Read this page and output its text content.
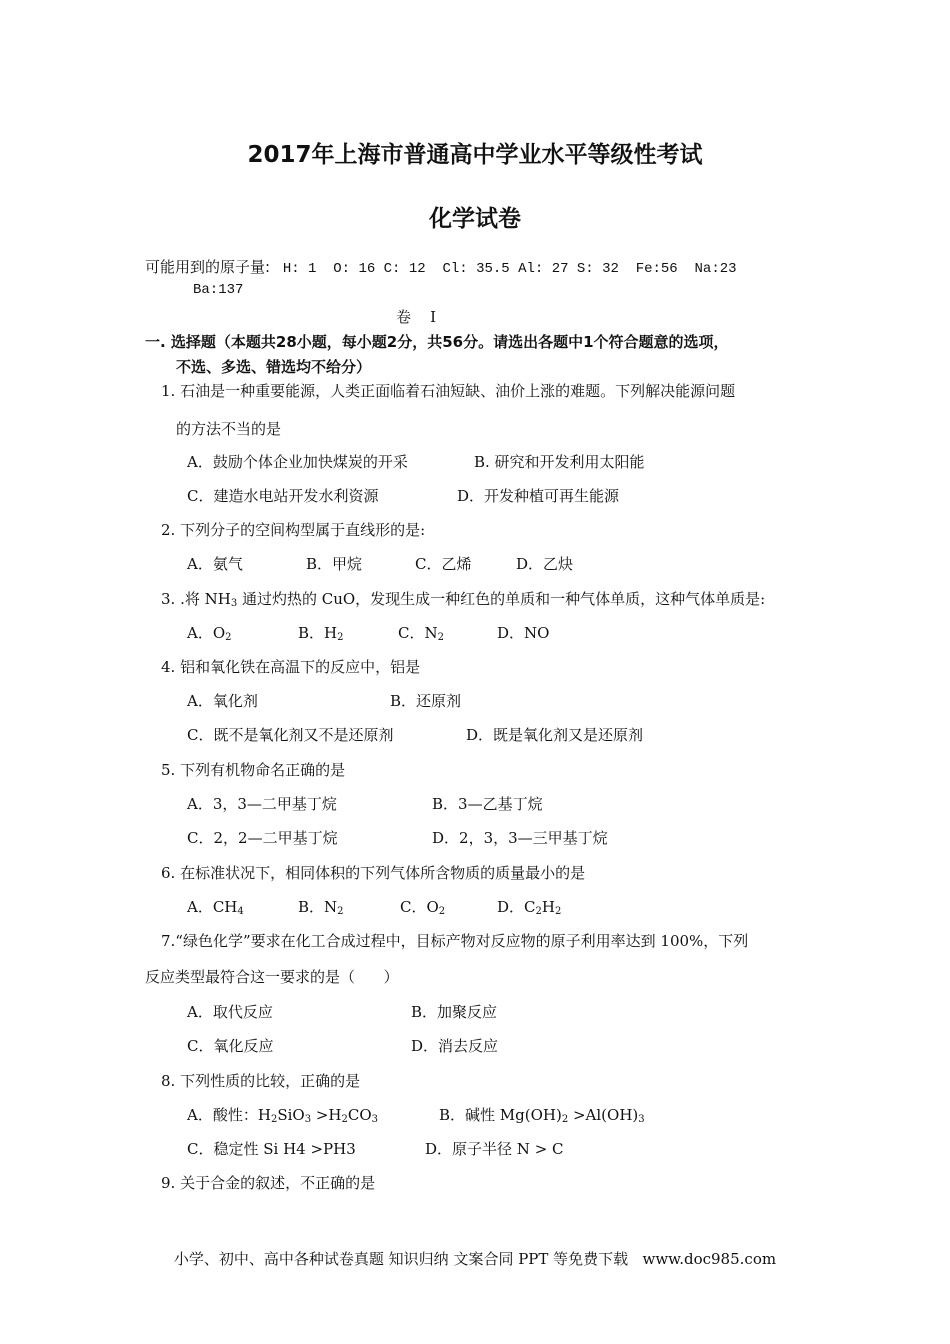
2017年上海市普通高中学业水平等级性考试
化学试卷
可能用到的原子量: H: 1  O: 16 C: 12  Cl: 35.5 Al: 27 S: 32  Fe:56  Na:23
Ba:137
卷    I
一. 选择题（本题共28小题，每小题2分，共56分。请选出各题中1个符合题意的选项，
不选、多选、错选均不给分）
1. 石油是一种重要能源，人类正面临着石油短缺、油价上涨的难题。下列解决能源问题
的方法不当的是
A．鼓励个体企业加快煤炭的开采	B. 研究和开发利用太阳能
C．建造水电站开发水利资源	D．开发种植可再生能源
2. 下列分子的空间构型属于直线形的是:
A．氨气	B．甲烷	C．乙烯	D．乙炔
3. .将 $NH_3$ 通过灼热的 CuO，发现生成一种红色的单质和一种气体单质，这种气体单质是:
A．$O_2$	B．$H_2$	C．$N_2$	D．NO
4. 铝和氧化铁在高温下的反应中，铝是
A．氧化剂	B．还原剂
C．既不是氧化剂又不是还原剂	D．既是氧化剂又是还原剂
5. 下列有机物命名正确的是
A．3，3—二甲基丁烷	B．3—乙基丁烷
C．2，2—二甲基丁烷	D．2，3，3—三甲基丁烷
6. 在标准状况下，相同体积的下列气体所含物质的质量最小的是
A．$CH_4$	B．$N_2$	C．$O_2$	D．$C_2H_2$
7.“绿色化学”要求在化工合成过程中，目标产物对反应物的原子利用率达到 100%，下列
反应类型最符合这一要求的是（      ）
A．取代反应	B．加聚反应
C．氧化反应	D．消去反应
8. 下列性质的比较，正确的是
A．酸性：$H_2SiO_3 >H_2CO_3$	B．碱性 $Mg(OH)_2 >Al(OH)_3$
C．稳定性 Si H4 >PH3	D．原子半径 N > C
9. 关于合金的叙述，不正确的是
小学、初中、高中各种试卷真题 知识归纳 文案合同 PPT 等免费下载   www.doc985.com
